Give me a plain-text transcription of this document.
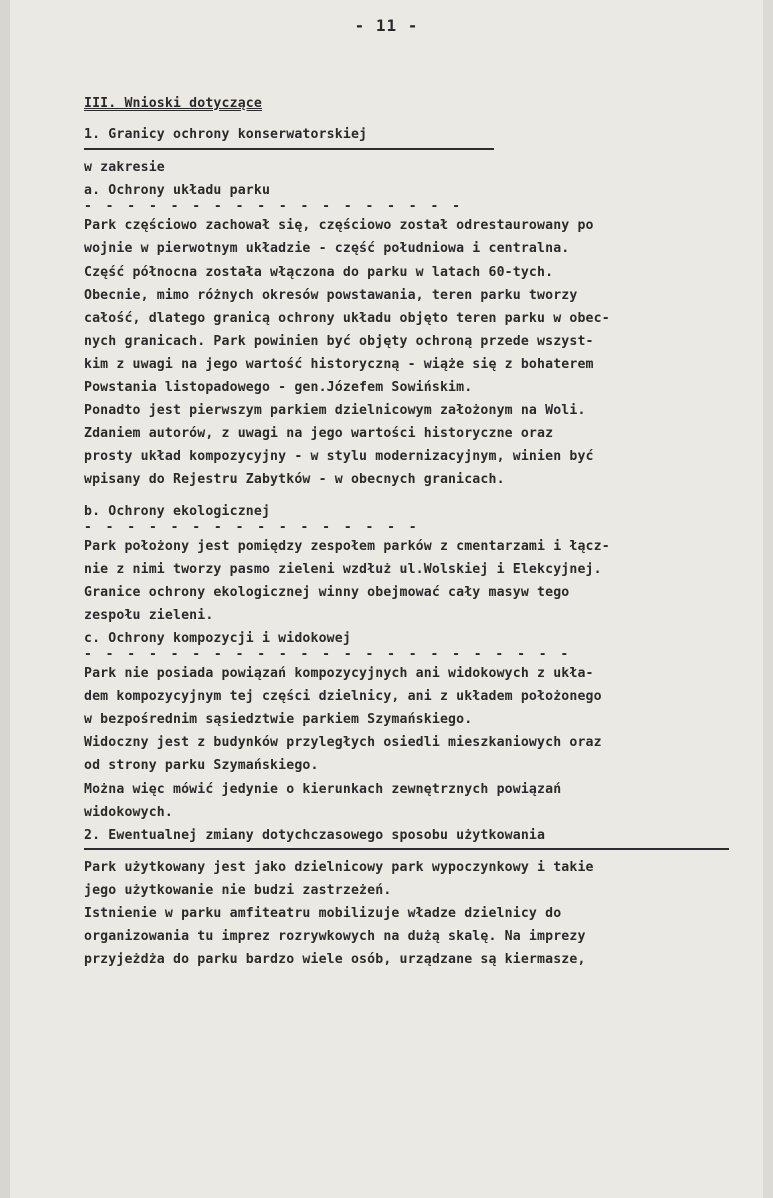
- 11 -
III. Wnioski dotyczące
1. Granicy ochrony konserwatorskiej
w zakresie
a. Ochrony układu parku
- - - - - - - - - - - - - - - - - -
Park częściowo zachował się, częściowo został odrestaurowany po
wojnie w pierwotnym układzie - część południowa i centralna.
Część północna została włączona do parku w latach 60-tych.
Obecnie, mimo różnych okresów powstawania, teren parku tworzy
całość, dlatego granicą ochrony układu objęto teren parku w obec-
nych granicach. Park powinien być objęty ochroną przede wszyst-
kim z uwagi na jego wartość historyczną - wiąże się z bohaterem
Powstania listopadowego - gen.Józefem Sowińskim.
Ponadto jest pierwszym parkiem dzielnicowym założonym na Woli.
Zdaniem autorów, z uwagi na jego wartości historyczne oraz
prosty układ kompozycyjny - w stylu modernizacyjnym, winien być
wpisany do Rejestru Zabytków - w obecnych granicach.
b. Ochrony ekologicznej
- - - - - - - - - - - - - - - -
Park położony jest pomiędzy zespołem parków z cmentarzami i łącz-
nie z nimi tworzy pasmo zieleni wzdłuż ul.Wolskiej i Elekcyjnej.
Granice ochrony ekologicznej winny obejmować cały masyw tego
zespołu zieleni.
c. Ochrony kompozycji i widokowej
- - - - - - - - - - - - - - - - - - - - - - -
Park nie posiada powiązań kompozycyjnych ani widokowych z ukła-
dem kompozycyjnym tej części dzielnicy, ani z układem położonego
w bezpośrednim sąsiedztwie parkiem Szymańskiego.
Widoczny jest z budynków przyległych osiedli mieszkaniowych oraz
od strony parku Szymańskiego.
Można więc mówić jedynie o kierunkach zewnętrznych powiązań
widokowych.
2. Ewentualnej zmiany dotychczasowego sposobu użytkowania
Park użytkowany jest jako dzielnicowy park wypoczynkowy i takie
jego użytkowanie nie budzi zastrzeżeń.
Istnienie w parku amfiteatru mobilizuje władze dzielnicy do
organizowania tu imprez rozrywkowych na dużą skalę. Na imprezy
przyjeżdża do parku bardzo wiele osób, urządzane są kiermasze,
